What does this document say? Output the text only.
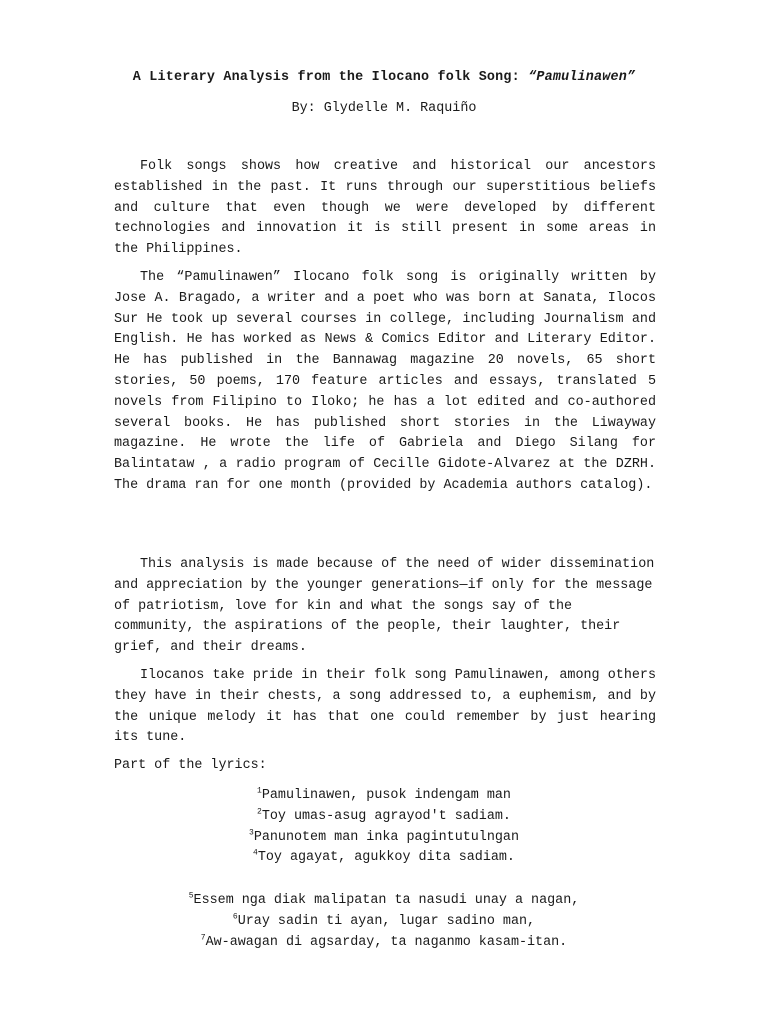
A Literary Analysis from the Ilocano folk Song: “Pamulinawen”
By: Glydelle M. Raquiño

Folk songs shows how creative and historical our ancestors established in the past. It runs through our superstitious beliefs and culture that even though we were developed by different technologies and innovation it is still present in some areas in the Philippines.

The “Pamulinawen” Ilocano folk song is originally written by Jose A. Bragado, a writer and a poet who was born at Sanata, Ilocos Sur He took up several courses in college, including Journalism and English. He has worked as News & Comics Editor and Literary Editor. He has published in the Bannawag magazine 20 novels, 65 short stories, 50 poems, 170 feature articles and essays, translated 5 novels from Filipino to Iloko; he has a lot edited and co-authored several books. He has published short stories in the Liwayway magazine. He wrote the life of Gabriela and Diego Silang for Balintataw , a radio program of Cecille Gidote-Alvarez at the DZRH. The drama ran for one month (provided by Academia authors catalog).

This analysis is made because of the need of wider dissemination and appreciation by the younger generations—if only for the message of patriotism, love for kin and what the songs say of the community, the aspirations of the people, their laughter, their grief, and their dreams.

Ilocanos take pride in their folk song Pamulinawen, among others they have in their chests, a song addressed to, a euphemism, and by the unique melody it has that one could remember by just hearing its tune.

Part of the lyrics:

$^1$Pamulinawen, pusok indengam man
$^2$Toy umas-asug agrayod't sadiam.
$^3$Panunotem man inka pagintutulngan
$^4$Toy agayat, agukkoy dita sadiam.
$^5$Essem nga diak malipatan ta nasudi unay a nagan,
$^6$Uray sadin ti ayan, lugar sadino man,
$^7$Aw-awagan di agsarday, ta naganmo kasam-itan.
